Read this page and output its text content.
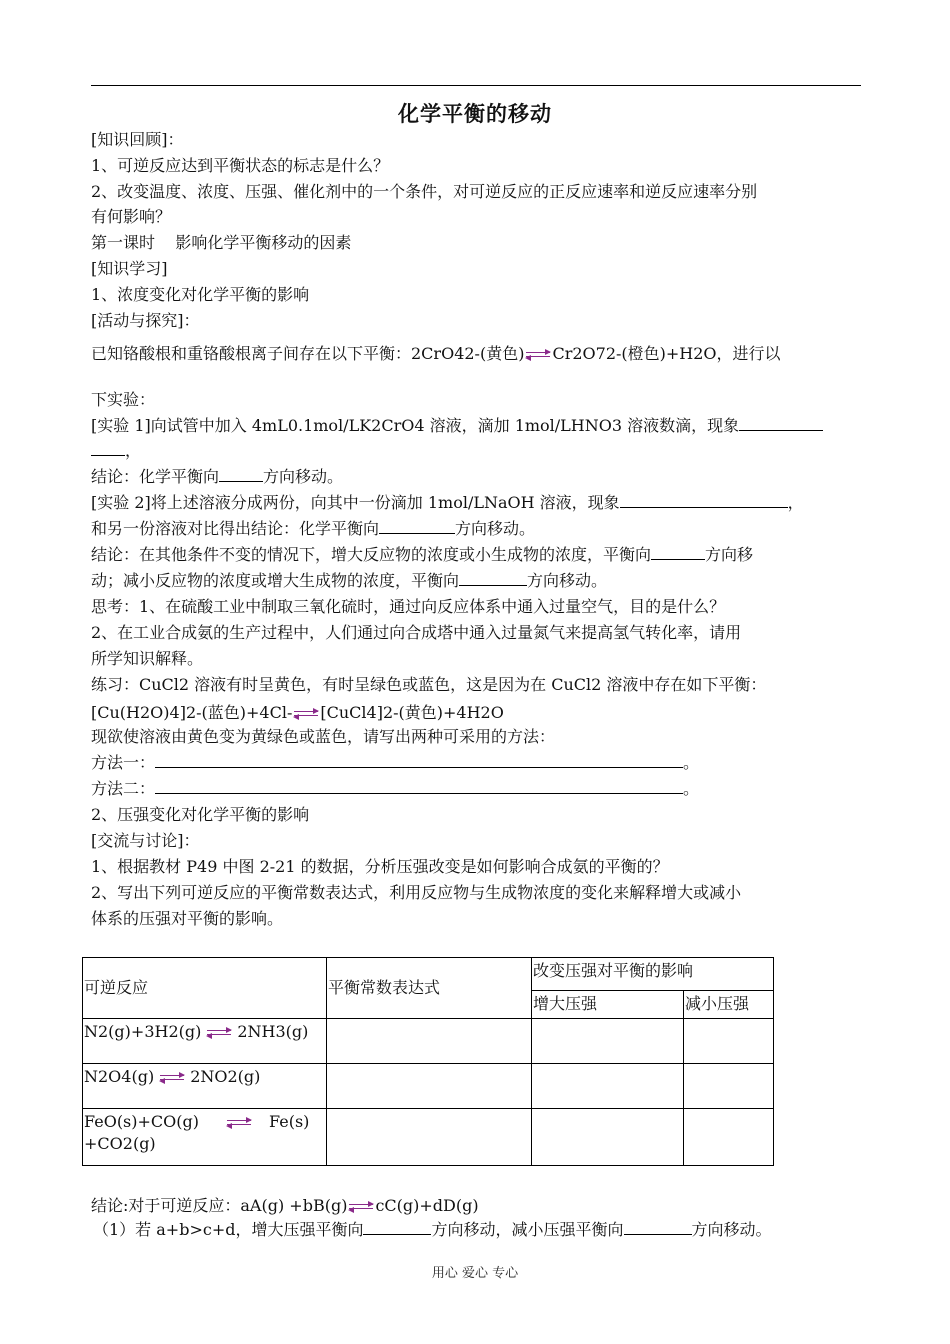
化学平衡的移动
[知识回顾]：
1、可逆反应达到平衡状态的标志是什么？
2、改变温度、浓度、压强、催化剂中的一个条件，对可逆反应的正反应速率和逆反应速率分别
有何影响？
第一课时    影响化学平衡移动的因素
[知识学习]
1、浓度变化对化学平衡的影响
[活动与探究]：
已知铬酸根和重铬酸根离子间存在以下平衡：2CrO42-(黄色) ⇌ Cr2O72-(橙色)+H2O，进行以
下实验：
[实验 1]向试管中加入 4mL0.1mol/LK2CrO4 溶液，滴加 1mol/LHNO3 溶液数滴，现象
，
结论：化学平衡向	方向移动。
[实验 2]将上述溶液分成两份，向其中一份滴加 1mol/LNaOH 溶液，现象	，
和另一份溶液对比得出结论：化学平衡向	方向移动。
结论：在其他条件不变的情况下，增大反应物的浓度或小生成物的浓度，平衡向	方向移
动；减小反应物的浓度或增大生成物的浓度，平衡向	方向移动。
思考：1、在硫酸工业中制取三氧化硫时，通过向反应体系中通入过量空气，目的是什么？
2、在工业合成氨的生产过程中，人们通过向合成塔中通入过量氮气来提高氢气转化率，请用
所学知识解释。
练习：CuCl2 溶液有时呈黄色，有时呈绿色或蓝色，这是因为在 CuCl2 溶液中存在如下平衡：
[Cu(H2O)4]2-(蓝色)+4Cl- ⇌ [CuCl4]2-(黄色)+4H2O
现欲使溶液由黄色变为黄绿色或蓝色，请写出两种可采用的方法：
方法一：	。
方法二：	。
2、压强变化对化学平衡的影响
[交流与讨论]：
1、根据教材 P49 中图 2-21 的数据，分析压强改变是如何影响合成氨的平衡的？
2、写出下列可逆反应的平衡常数表达式，利用反应物与生成物浓度的变化来解释增大或减小
体系的压强对平衡的影响。
可逆反应	平衡常数表达式	改变压强对平衡的影响	
		增大压强	减小压强
N2(g)+3H2(g) ⇌ 2NH3(g)			
N2O4(g) ⇌ 2NO2(g)			
FeO(s)+CO(g) ⇌ Fe(s)
+CO2(g)			
结论:对于可逆反应：aA(g) +bB(g) ⇌ cC(g)+dD(g)
（1）若 a+b>c+d，增大压强平衡向	方向移动，减小压强平衡向	方向移动。
用心 爱心 专心
